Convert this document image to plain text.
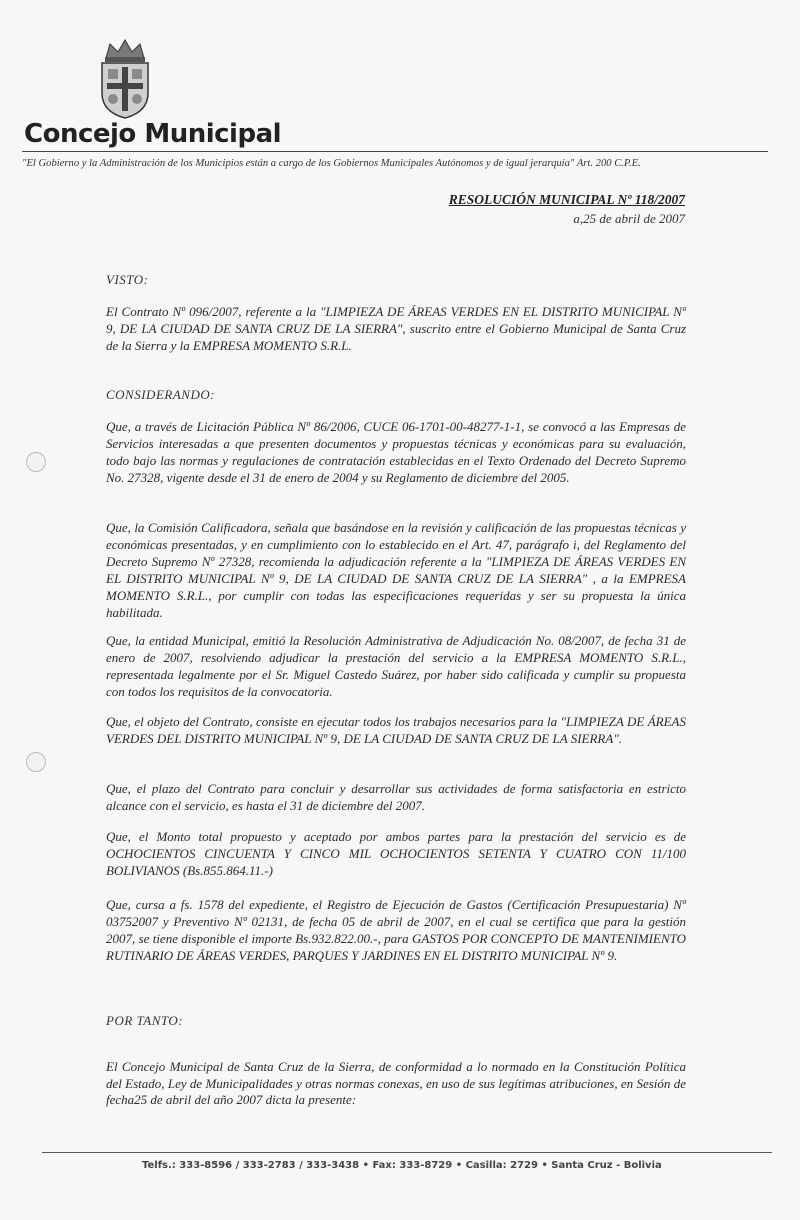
Concejo Municipal
"El Gobierno y la Administración de los Municipios están a cargo de los Gobiernos Municipales Autónomos y de igual jerarquía" Art. 200 C.P.E.
RESOLUCIÓN MUNICIPAL Nº 118/2007
a,25 de abril de 2007
VISTO:
El Contrato Nº 096/2007, referente a la "LIMPIEZA DE ÁREAS VERDES EN EL DISTRITO MUNICIPAL Nº 9, DE LA CIUDAD DE SANTA CRUZ DE LA SIERRA", suscrito entre el Gobierno Municipal de Santa Cruz de la Sierra y la EMPRESA MOMENTO S.R.L.
CONSIDERANDO:
Que, a través de Licitación Pública Nº 86/2006, CUCE 06-1701-00-48277-1-1, se convocó a las Empresas de Servicios interesadas a que presenten documentos y propuestas técnicas y económicas para su evaluación, todo bajo las normas y regulaciones de contratación establecidas en el Texto Ordenado del Decreto Supremo No. 27328, vigente desde el 31 de enero de 2004 y su Reglamento de diciembre del 2005.
Que, la Comisión Calificadora, señala que basándose en la revisión y calificación de las propuestas técnicas y económicas presentadas, y en cumplimiento con lo establecido en el Art. 47, parágrafo i, del Reglamento del Decreto Supremo Nº 27328, recomienda la adjudicación referente a la "LIMPIEZA DE ÁREAS VERDES EN EL DISTRITO MUNICIPAL Nº 9, DE LA CIUDAD DE SANTA CRUZ DE LA SIERRA" , a la EMPRESA MOMENTO S.R.L., por cumplir con todas las especificaciones requeridas y ser su propuesta la única habilitada.
Que, la entidad Municipal, emitió la Resolución Administrativa de Adjudicación No. 08/2007, de fecha 31 de enero de 2007, resolviendo adjudicar la prestación del servicio a la EMPRESA MOMENTO S.R.L., representada legalmente por el Sr. Miguel Castedo Suárez, por haber sido calificada y cumplir su propuesta con todos los requisitos de la convocatoria.
Que, el objeto del Contrato, consiste en ejecutar todos los trabajos necesarios para la "LIMPIEZA DE ÁREAS VERDES DEL DISTRITO MUNICIPAL Nº 9, DE LA CIUDAD DE SANTA CRUZ DE LA SIERRA".
Que, el plazo del Contrato para concluir y desarrollar sus actividades de forma satisfactoria en estricto alcance con el servicio, es hasta el 31 de diciembre del 2007.
Que, el Monto total propuesto y aceptado por ambos partes para la prestación del servicio es de OCHOCIENTOS CINCUENTA Y CINCO MIL OCHOCIENTOS SETENTA Y CUATRO CON 11/100 BOLIVIANOS (Bs.855.864.11.-)
Que, cursa a fs. 1578 del expediente, el Registro de Ejecución de Gastos (Certificación Presupuestaria) Nº 03752007 y Preventivo Nº 02131, de fecha 05 de abril de 2007, en el cual se certifica que para la gestión 2007, se tiene disponible el importe Bs.932.822.00.-, para GASTOS POR CONCEPTO DE MANTENIMIENTO RUTINARIO DE ÁREAS VERDES, PARQUES Y JARDINES EN EL DISTRITO MUNICIPAL Nº 9.
POR TANTO:
El Concejo Municipal de Santa Cruz de la Sierra, de conformidad a lo normado en la Constitución Política del Estado, Ley de Municipalidades y otras normas conexas, en uso de sus legítimas atribuciones, en Sesión de fecha25 de abril del año 2007 dicta la presente:
Telfs.: 333-8596 / 333-2783 / 333-3438 • Fax: 333-8729 • Casilla: 2729 • Santa Cruz - Bolivia
